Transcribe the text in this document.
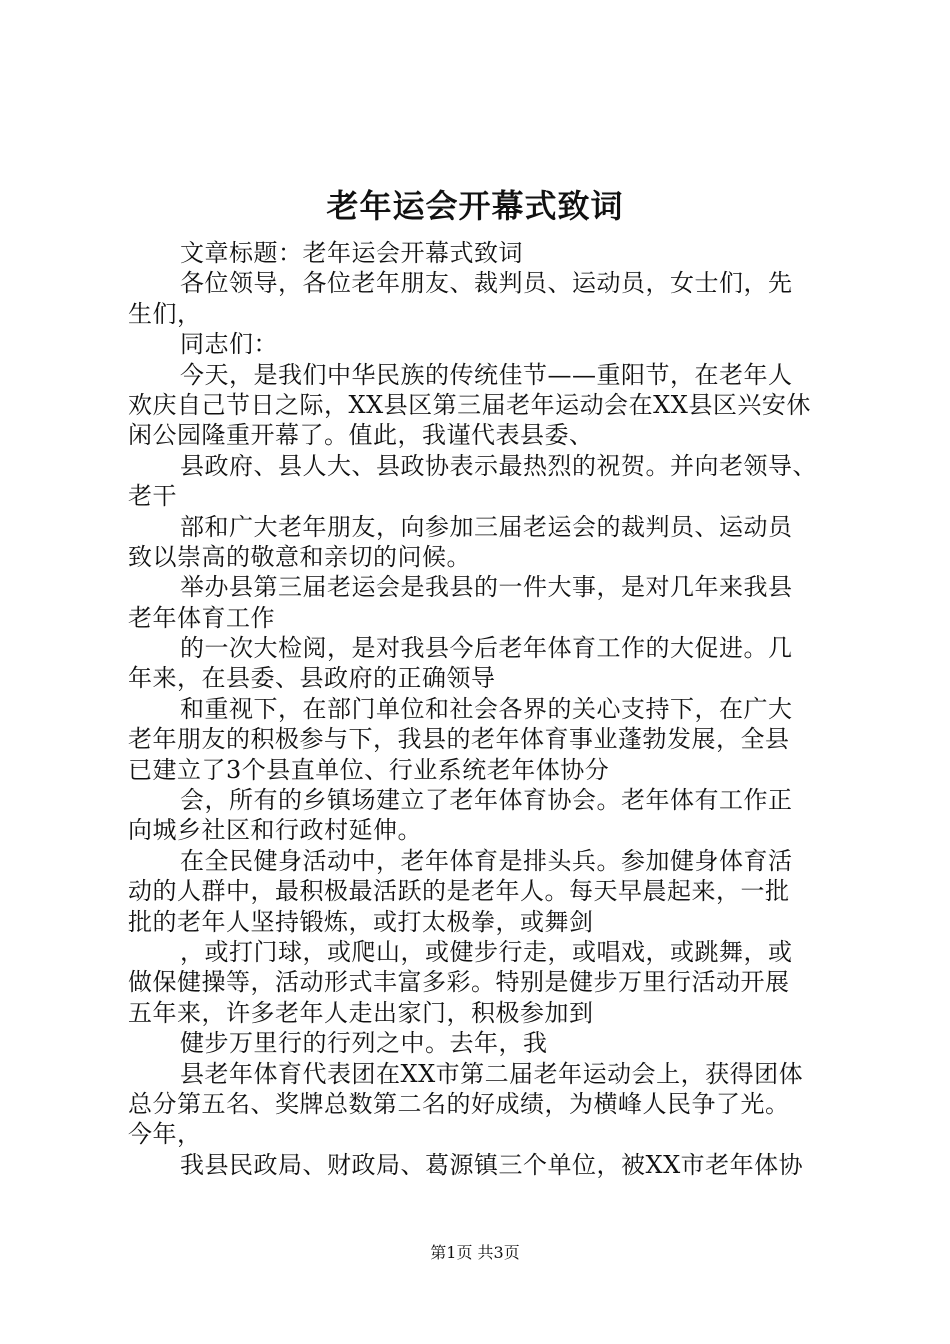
老年运会开幕式致词
文章标题：老年运会开幕式致词
各位领导，各位老年朋友、裁判员、运动员，女士们，先
生们，
同志们：
今天，是我们中华民族的传统佳节——重阳节，在老年人
欢庆自己节日之际，XX县区第三届老年运动会在XX县区兴安休
闲公园隆重开幕了。值此，我谨代表县委、
县政府、县人大、县政协表示最热烈的祝贺。并向老领导、
老干
部和广大老年朋友，向参加三届老运会的裁判员、运动员
致以崇高的敬意和亲切的问候。
举办县第三届老运会是我县的一件大事，是对几年来我县
老年体育工作
的一次大检阅，是对我县今后老年体育工作的大促进。几
年来，在县委、县政府的正确领导
和重视下，在部门单位和社会各界的关心支持下，在广大
老年朋友的积极参与下，我县的老年体育事业蓬勃发展，全县
已建立了3个县直单位、行业系统老年体协分
会，所有的乡镇场建立了老年体育协会。老年体有工作正
向城乡社区和行政村延伸。
在全民健身活动中，老年体育是排头兵。参加健身体育活
动的人群中，最积极最活跃的是老年人。每天早晨起来，一批
批的老年人坚持锻炼，或打太极拳，或舞剑
，或打门球，或爬山，或健步行走，或唱戏，或跳舞，或
做保健操等，活动形式丰富多彩。特别是健步万里行活动开展
五年来，许多老年人走出家门，积极参加到
健步万里行的行列之中。去年，我
县老年体育代表团在XX市第二届老年运动会上，获得团体
总分第五名、奖牌总数第二名的好成绩，为横峰人民争了光。
今年，
我县民政局、财政局、葛源镇三个单位，被XX市老年体协
第1页 共3页
